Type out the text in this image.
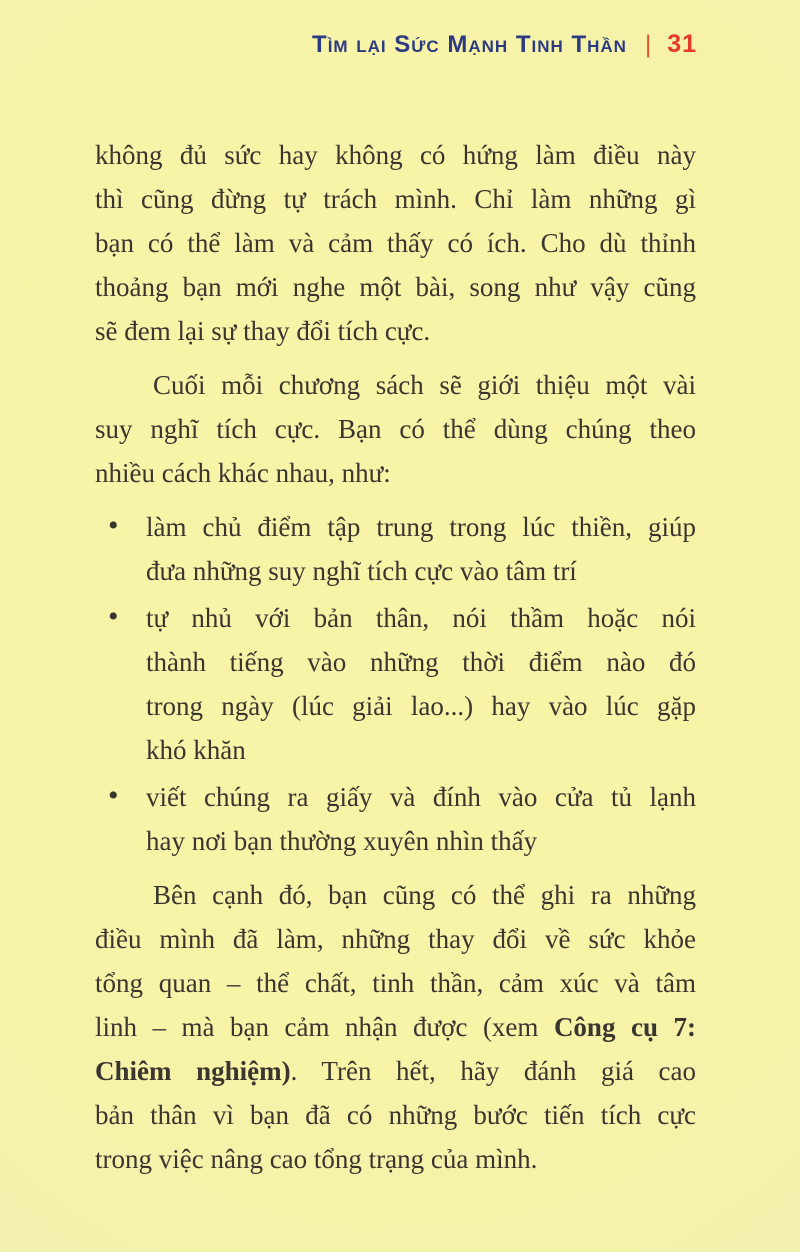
Tìm lại Sức Mạnh Tinh Thần | 31
không đủ sức hay không có hứng làm điều này
thì cũng đừng tự trách mình. Chỉ làm những gì
bạn có thể làm và cảm thấy có ích. Cho dù thỉnh
thoảng bạn mới nghe một bài, song như vậy cũng
sẽ đem lại sự thay đổi tích cực.
Cuối mỗi chương sách sẽ giới thiệu một vài
suy nghĩ tích cực. Bạn có thể dùng chúng theo
nhiều cách khác nhau, như:
• làm chủ điểm tập trung trong lúc thiền, giúp
đưa những suy nghĩ tích cực vào tâm trí
• tự nhủ với bản thân, nói thầm hoặc nói
thành tiếng vào những thời điểm nào đó
trong ngày (lúc giải lao...) hay vào lúc gặp
khó khăn
• viết chúng ra giấy và đính vào cửa tủ lạnh
hay nơi bạn thường xuyên nhìn thấy
Bên cạnh đó, bạn cũng có thể ghi ra những
điều mình đã làm, những thay đổi về sức khỏe
tổng quan – thể chất, tinh thần, cảm xúc và tâm
linh – mà bạn cảm nhận được (xem Công cụ 7:
Chiêm nghiệm). Trên hết, hãy đánh giá cao
bản thân vì bạn đã có những bước tiến tích cực
trong việc nâng cao tổng trạng của mình.
